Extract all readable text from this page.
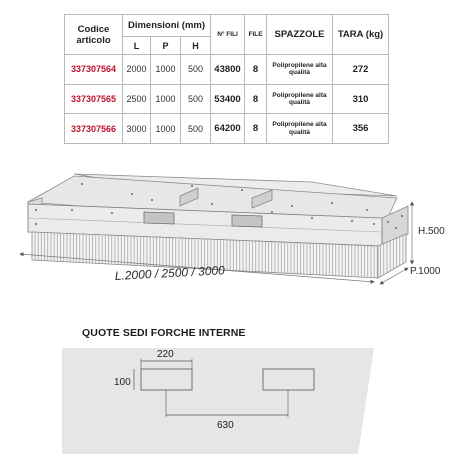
Codice articolo	Dimensioni (mm)			N° FILI	FILE	SPAZZOLE	TARA (kg)
	L	P	H				
337307564	2000	1000	500	43800	8	Polipropilene alta qualità	272
337307565	2500	1000	500	53400	8	Polipropilene alta qualità	310
337307566	3000	1000	500	64200	8	Polipropilene alta qualità	356
H.500
P.1000
L.2000 / 2500 / 3000
QUOTE SEDI FORCHE INTERNE
220
100
630
